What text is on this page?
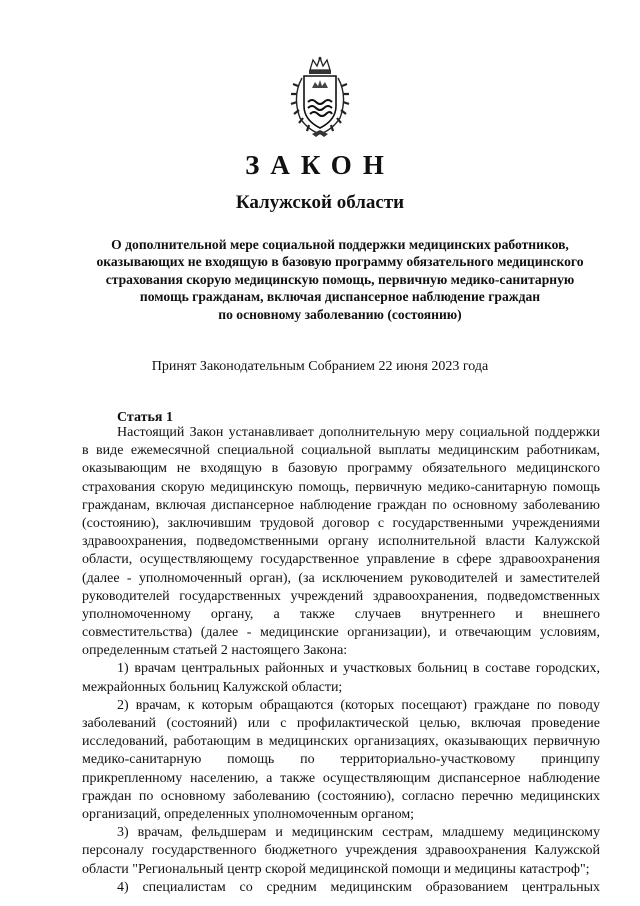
ЗАКОН
Калужской области
О дополнительной мере социальной поддержки медицинских работников,
оказывающих не входящую в базовую программу обязательного медицинского
страхования скорую медицинскую помощь, первичную медико-санитарную
помощь гражданам, включая диспансерное наблюдение граждан
по основному заболеванию (состоянию)
Принят Законодательным Собранием 22 июня 2023 года
Статья 1
Настоящий Закон устанавливает дополнительную меру социальной поддержки
в виде ежемесячной специальной социальной выплаты медицинским работникам,
оказывающим не входящую в базовую программу обязательного медицинского
страхования скорую медицинскую помощь, первичную медико-санитарную помощь
гражданам, включая диспансерное наблюдение граждан по основному заболеванию
(состоянию), заключившим трудовой договор с государственными учреждениями
здравоохранения, подведомственными органу исполнительной власти Калужской
области, осуществляющему государственное управление в сфере здравоохранения
(далее - уполномоченный орган), (за исключением руководителей и заместителей
руководителей государственных учреждений здравоохранения, подведомственных
уполномоченному органу, а также случаев внутреннего и внешнего
совместительства) (далее - медицинские организации), и отвечающим условиям,
определенным статьей 2 настоящего Закона:
1) врачам центральных районных и участковых больниц в составе городских,
межрайонных больниц Калужской области;
2) врачам, к которым обращаются (которых посещают) граждане по поводу
заболеваний (состояний) или с профилактической целью, включая проведение
исследований, работающим в медицинских организациях, оказывающих первичную
медико-санитарную помощь по территориально-участковому принципу
прикрепленному населению, а также осуществляющим диспансерное наблюдение
граждан по основному заболеванию (состоянию), согласно перечню медицинских
организаций, определенных уполномоченным органом;
3) врачам, фельдшерам и медицинским сестрам, младшему медицинскому
персоналу государственного бюджетного учреждения здравоохранения Калужской
области "Региональный центр скорой медицинской помощи и медицины катастроф";
4) специалистам со средним медицинским образованием центральных
